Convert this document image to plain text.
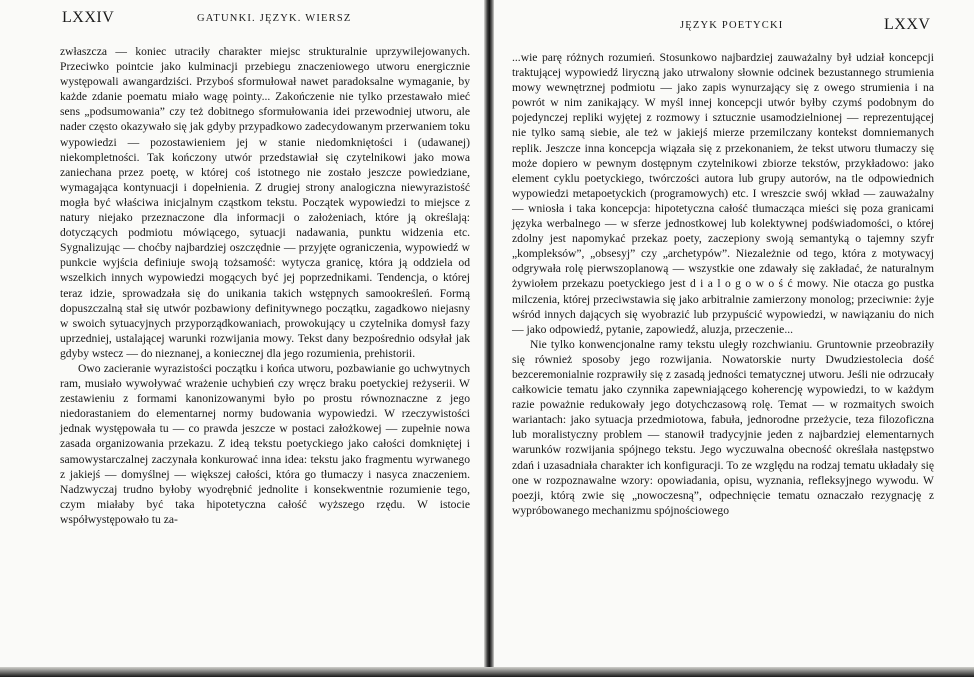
LXXIV	GATUNKI. JĘZYK. WIERSZ

zwłaszcza — koniec utraciły charakter miejsc strukturalnie uprzywilejowanych. Przeciwko pointcie jako kulminacji przebiegu znaczeniowego utworu energicznie występowali awangardziści. Przyboś sformułował nawet paradoksalne wymaganie, by każde zdanie poematu miało wagę pointy... Zakończenie nie tylko przestawało mieć sens „podsumowania” czy też dobitnego sformułowania idei przewodniej utworu, ale nader często okazywało się jak gdyby przypadkowo zadecydowanym przerwaniem toku wypowiedzi — pozostawieniem jej w stanie niedomkniętości i (udawanej) niekompletności. Tak kończony utwór przedstawiał się czytelnikowi jako mowa zaniechana przez poetę, w której coś istotnego nie zostało jeszcze powiedziane, wymagająca kontynuacji i dopełnienia. Z drugiej strony analogiczna niewyrazistość mogła być właściwa inicjalnym cząstkom tekstu. Początek wypowiedzi to miejsce z natury niejako przeznaczone dla informacji o założeniach, które ją określają: dotyczących podmiotu mówiącego, sytuacji nadawania, punktu widzenia etc. Sygnalizując — choćby najbardziej oszczędnie — przyjęte ograniczenia, wypowiedź w punkcie wyjścia definiuje swoją tożsamość: wytycza granicę, która ją oddziela od wszelkich innych wypowiedzi mogących być jej poprzednikami. Tendencja, o której teraz idzie, sprowadzała się do unikania takich wstępnych samookreśleń. Formą dopuszczalną stał się utwór pozbawiony definitywnego początku, zagadkowo niejasny w swoich sytuacyjnych przyporządkowaniach, prowokujący u czytelnika domysł fazy uprzedniej, ustalającej warunki rozwijania mowy. Tekst dany bezpośrednio odsyłał jak gdyby wstecz — do nieznanej, a koniecznej dla jego rozumienia, prehistorii.

Owo zacieranie wyrazistości początku i końca utworu, pozbawianie go uchwytnych ram, musiało wywoływać wrażenie uchybień czy wręcz braku poetyckiej reżyserii. W zestawieniu z formami kanonizowanymi było po prostu równoznaczne z jego niedorastaniem do elementarnej normy budowania wypowiedzi. W rzeczywistości jednak występowała tu — co prawda jeszcze w postaci założkowej — zupełnie nowa zasada organizowania przekazu. Z ideą tekstu poetyckiego jako całości domkniętej i samowystarczalnej zaczynała konkurować inna idea: tekstu jako fragmentu wyrwanego z jakiejś — domyślnej — większej całości, która go tłumaczy i nasyca znaczeniem. Nadzwyczaj trudno byłoby wyodrębnić jednolite i konsekwentnie rozumienie tego, czym miałaby być taka hipotetyczna całość wyższego rzędu. W istocie współwystępowało tu za-

JĘZYK POETYCKI	LXXV

...wie parę różnych rozumień. Stosunkowo najbardziej zauważalny był udział koncepcji traktującej wypowiedź liryczną jako utrwalony słownie odcinek bezustannego strumienia mowy wewnętrznej podmiotu — jako zapis wynurzający się z owego strumienia i na powrót w nim zanikający. W myśl innej koncepcji utwór byłby czymś podobnym do pojedynczej repliki wyjętej z rozmowy i sztucznie usamodzielnionej — reprezentującej nie tylko samą siebie, ale też w jakiejś mierze przemilczany kontekst domniemanych replik. Jeszcze inna koncepcja wiązała się z przekonaniem, że tekst utworu tłumaczy się może dopiero w pewnym dostępnym czytelnikowi zbiorze tekstów, przykładowo: jako element cyklu poetyckiego, twórczości autora lub grupy autorów, na tle odpowiednich wypowiedzi metapoetyckich (programowych) etc. I wreszcie swój wkład — zauważalny — wniosła i taka koncepcja: hipotetyczna całość tłumacząca mieści się poza granicami języka werbalnego — w sferze jednostkowej lub kolektywnej podświadomości, o której zdolny jest napomykać przekaz poety, zaczepiony swoją semantyką o tajemny szyfr „kompleksów”, „obsesyj” czy „archetypów”. Niezależnie od tego, która z motywacyj odgrywała rolę pierwszoplanową — wszystkie one zdawały się zakładać, że naturalnym żywiołem przekazu poetyckiego jest d i a l o g o w o ś ć mowy. Nie otacza go pustka milczenia, której przeciwstawia się jako arbitralnie zamierzony monolog; przeciwnie: żyje wśród innych dających się wyobrazić lub przypuścić wypowiedzi, w nawiązaniu do nich — jako odpowiedź, pytanie, zapowiedź, aluzja, przeczenie...

Nie tylko konwencjonalne ramy tekstu uległy rozchwianiu. Gruntownie przeobraziły się również sposoby jego rozwijania. Nowatorskie nurty Dwudziestolecia dość bezceremonialnie rozprawiły się z zasadą jedności tematycznej utworu. Jeśli nie odrzucały całkowicie tematu jako czynnika zapewniającego koherencję wypowiedzi, to w każdym razie poważnie redukowały jego dotychczasową rolę. Temat — w rozmaitych swoich wariantach: jako sytuacja przedmiotowa, fabuła, jednorodne przeżycie, teza filozoficzna lub moralistyczny problem — stanowił tradycyjnie jeden z najbardziej elementarnych warunków rozwijania spójnego tekstu. Jego wyczuwalna obecność określała następstwo zdań i uzasadniała charakter ich konfiguracji. To ze względu na rodzaj tematu układały się one w rozpoznawalne wzory: opowiadania, opisu, wyznania, refleksyjnego wywodu. W poezji, którą zwie się „nowoczesną”, odpechnięcie tematu oznaczało rezygnację z wypróbowanego mechanizmu spójnościowego
